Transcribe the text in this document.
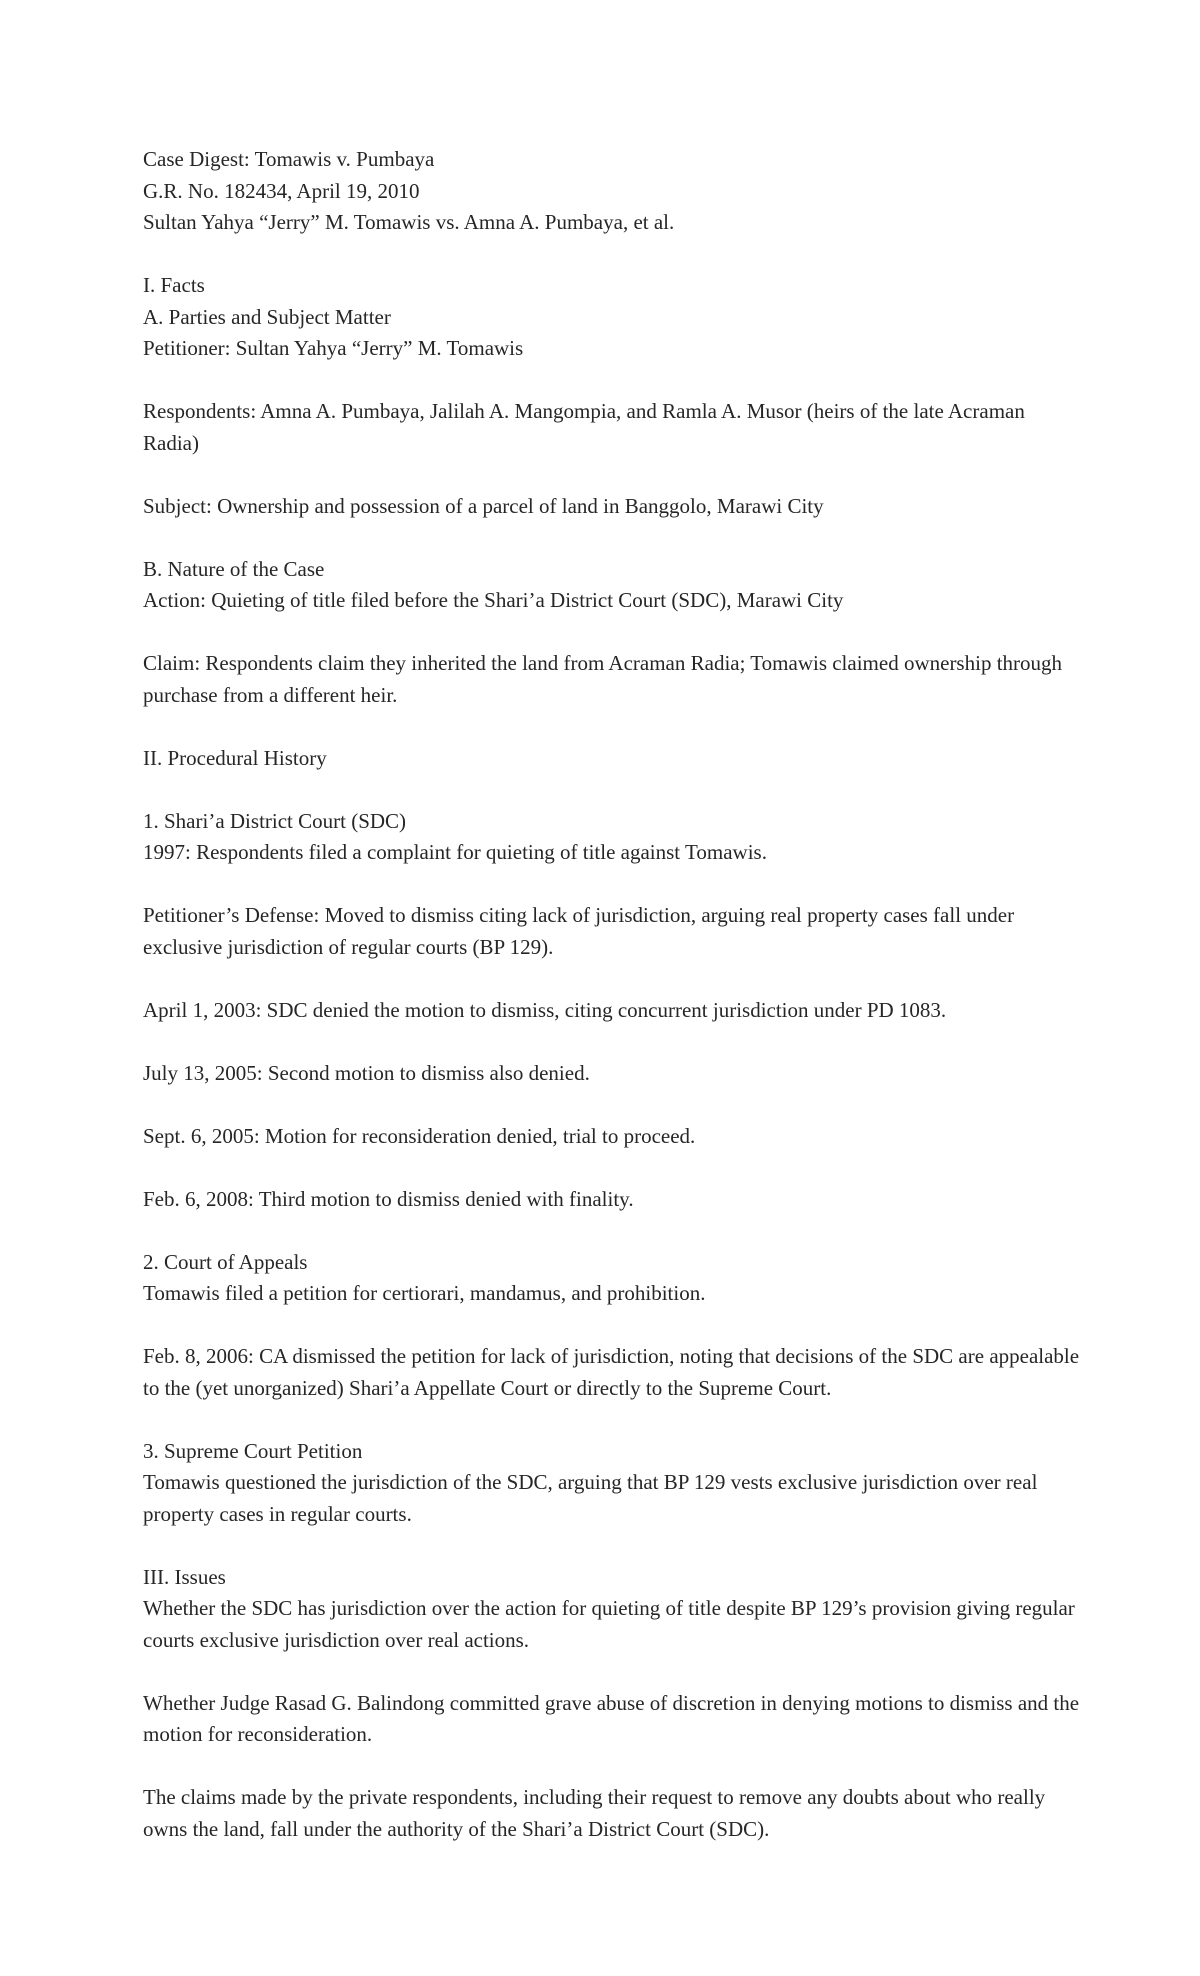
Case Digest: Tomawis v. Pumbaya
G.R. No. 182434, April 19, 2010
Sultan Yahya “Jerry” M. Tomawis vs. Amna A. Pumbaya, et al.

I. Facts
A. Parties and Subject Matter
Petitioner: Sultan Yahya “Jerry” M. Tomawis

Respondents: Amna A. Pumbaya, Jalilah A. Mangompia, and Ramla A. Musor (heirs of the late Acraman Radia)

Subject: Ownership and possession of a parcel of land in Banggolo, Marawi City

B. Nature of the Case
Action: Quieting of title filed before the Shari’a District Court (SDC), Marawi City

Claim: Respondents claim they inherited the land from Acraman Radia; Tomawis claimed ownership through purchase from a different heir.

II. Procedural History

1. Shari’a District Court (SDC)
1997: Respondents filed a complaint for quieting of title against Tomawis.

Petitioner’s Defense: Moved to dismiss citing lack of jurisdiction, arguing real property cases fall under exclusive jurisdiction of regular courts (BP 129).

April 1, 2003: SDC denied the motion to dismiss, citing concurrent jurisdiction under PD 1083.

July 13, 2005: Second motion to dismiss also denied.

Sept. 6, 2005: Motion for reconsideration denied, trial to proceed.

Feb. 6, 2008: Third motion to dismiss denied with finality.

2. Court of Appeals
Tomawis filed a petition for certiorari, mandamus, and prohibition.

Feb. 8, 2006: CA dismissed the petition for lack of jurisdiction, noting that decisions of the SDC are appealable to the (yet unorganized) Shari’a Appellate Court or directly to the Supreme Court.

3. Supreme Court Petition
Tomawis questioned the jurisdiction of the SDC, arguing that BP 129 vests exclusive jurisdiction over real property cases in regular courts.

III. Issues
Whether the SDC has jurisdiction over the action for quieting of title despite BP 129’s provision giving regular courts exclusive jurisdiction over real actions.

Whether Judge Rasad G. Balindong committed grave abuse of discretion in denying motions to dismiss and the motion for reconsideration.

The claims made by the private respondents, including their request to remove any doubts about who really owns the land, fall under the authority of the Shari’a District Court (SDC).
